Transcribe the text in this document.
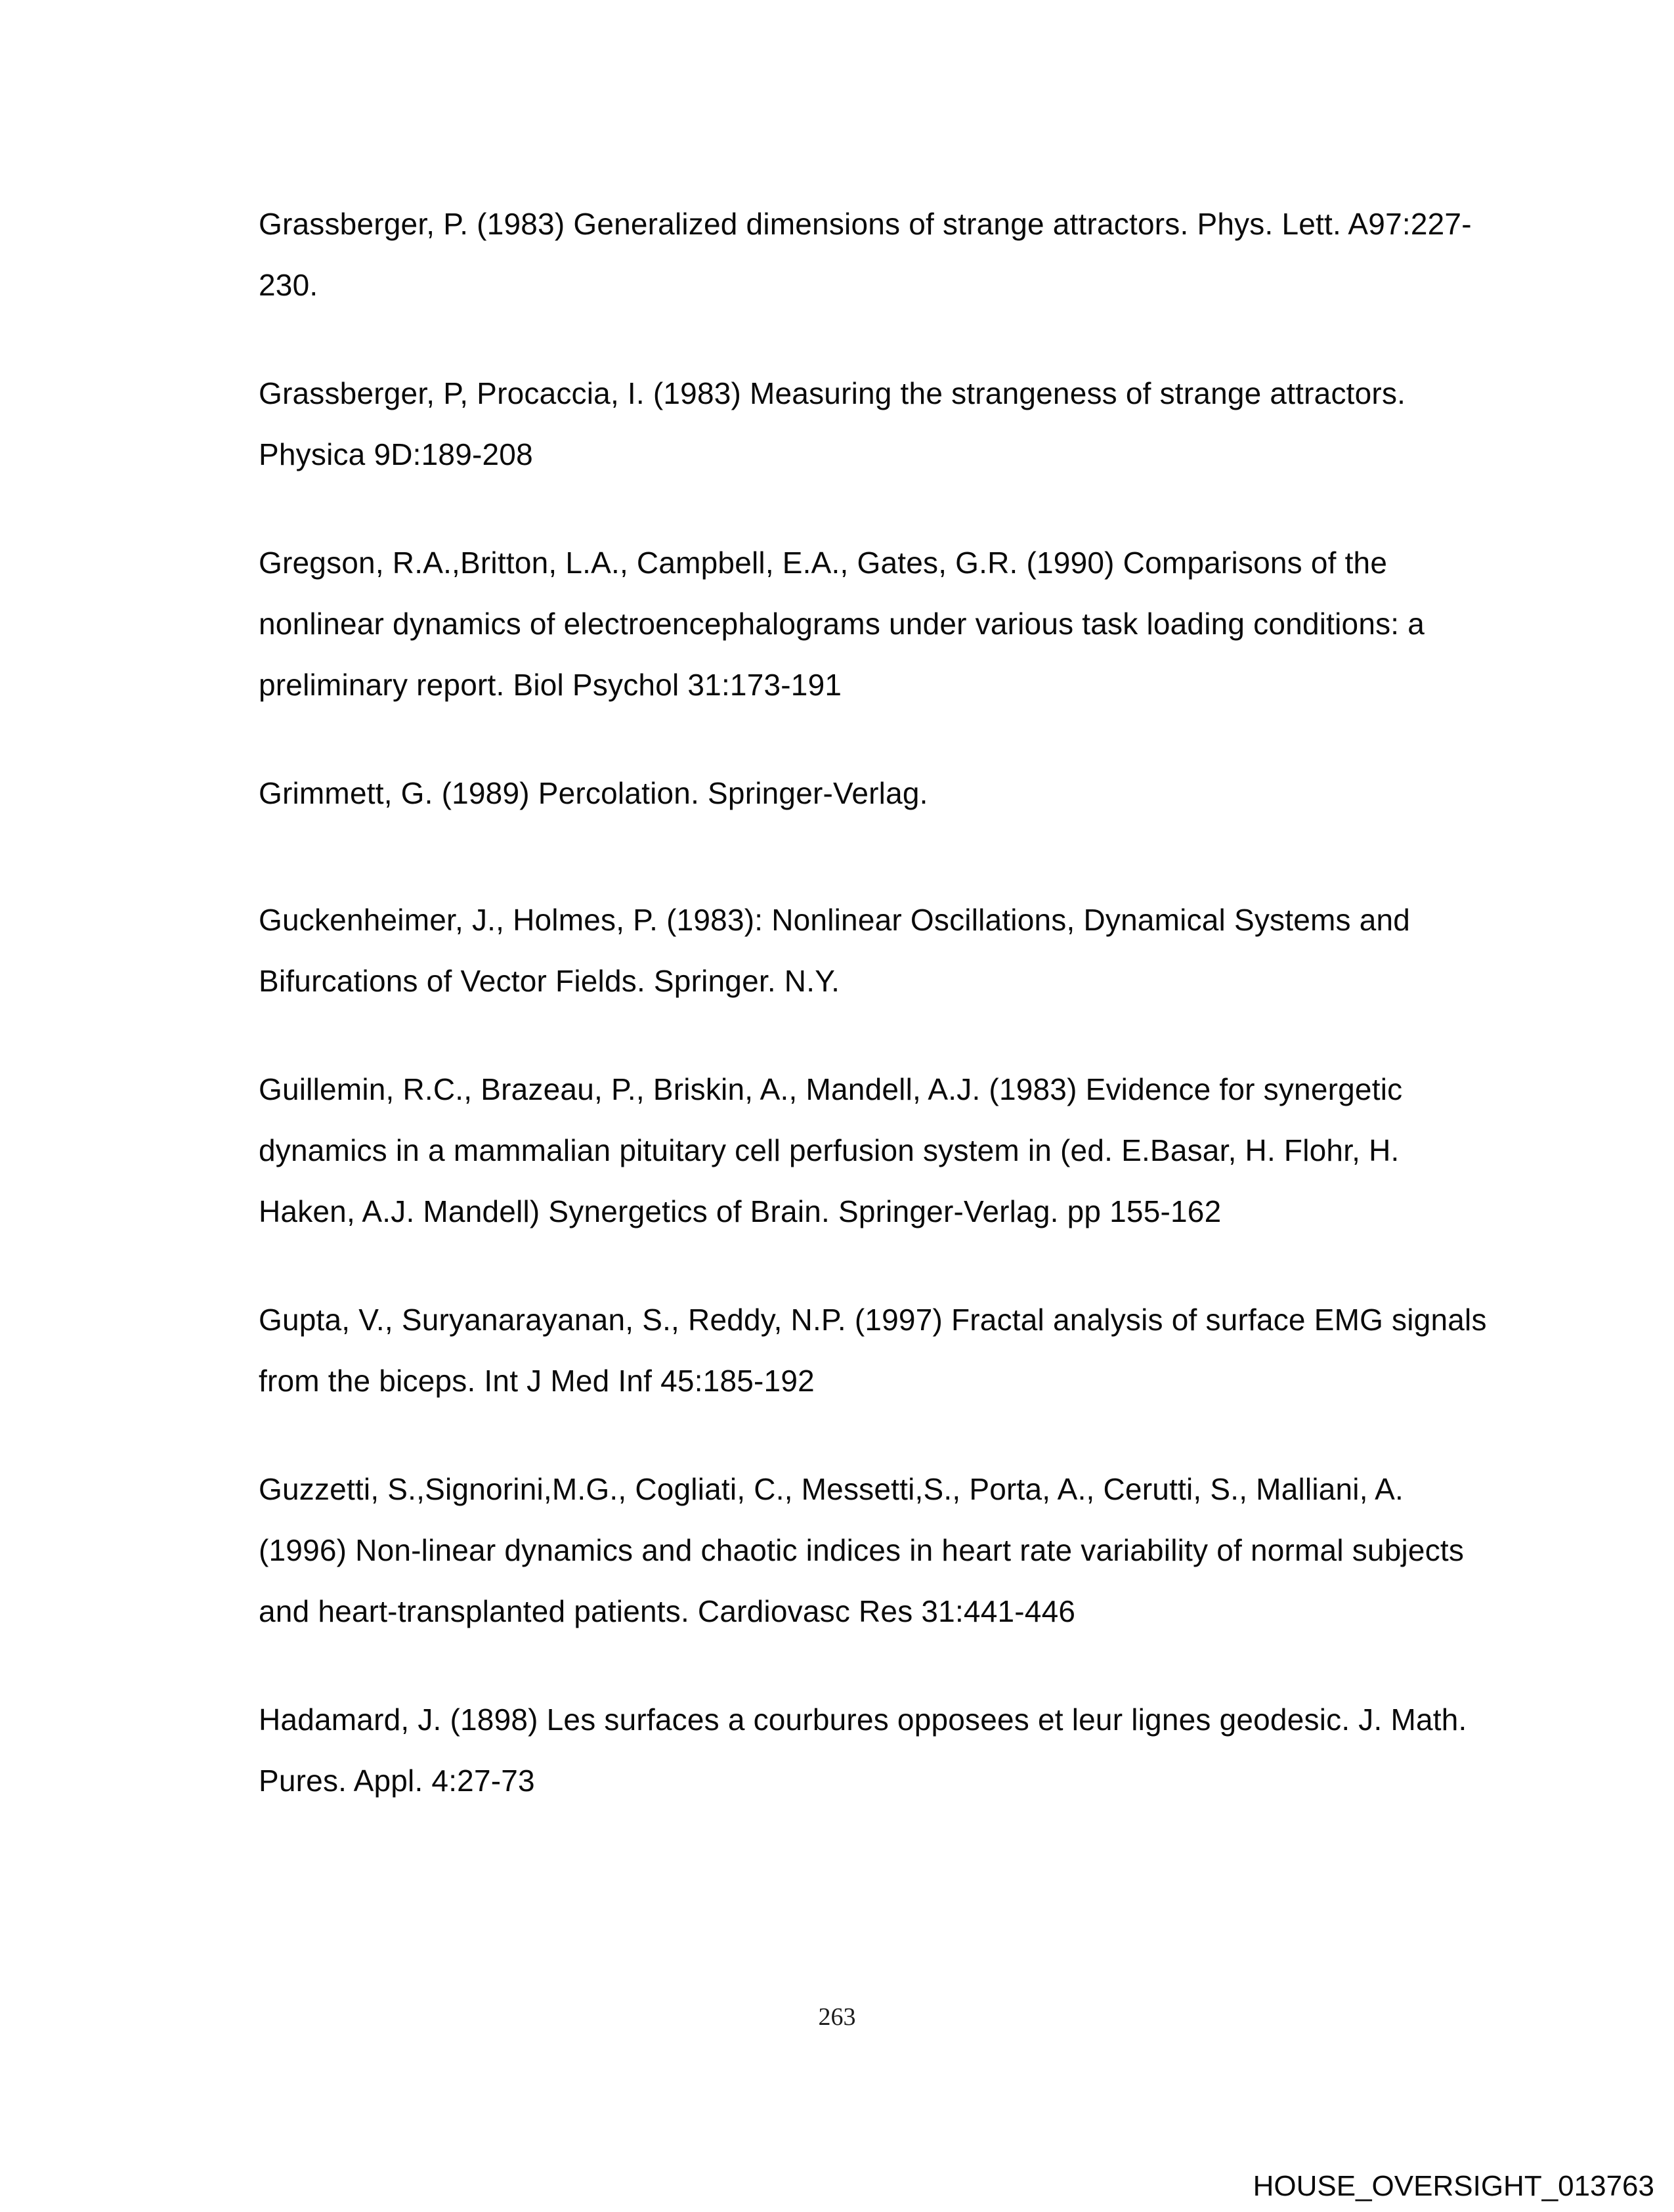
Grassberger, P. (1983) Generalized dimensions of strange attractors. Phys. Lett. A97:227-230.

Grassberger, P, Procaccia, I. (1983) Measuring the strangeness of strange attractors. Physica 9D:189-208

Gregson, R.A.,Britton, L.A., Campbell, E.A., Gates, G.R. (1990) Comparisons of the nonlinear dynamics of electroencephalograms under various task loading conditions: a preliminary report. Biol Psychol 31:173-191

Grimmett, G. (1989) Percolation. Springer-Verlag.

Guckenheimer, J., Holmes, P. (1983): Nonlinear Oscillations, Dynamical Systems and Bifurcations of Vector Fields. Springer. N.Y.

Guillemin, R.C., Brazeau, P., Briskin, A., Mandell, A.J. (1983) Evidence for synergetic dynamics in a mammalian pituitary cell perfusion system in (ed. E.Basar, H. Flohr, H. Haken, A.J. Mandell) Synergetics of Brain. Springer-Verlag. pp 155-162

Gupta, V., Suryanarayanan, S., Reddy, N.P. (1997) Fractal analysis of surface EMG signals from the biceps. Int J Med Inf 45:185-192

Guzzetti, S.,Signorini,M.G., Cogliati, C., Messetti,S., Porta, A., Cerutti, S., Malliani, A. (1996) Non-linear dynamics and chaotic indices in heart rate variability of normal subjects and heart-transplanted patients. Cardiovasc Res 31:441-446

Hadamard, J. (1898) Les surfaces a courbures opposees et leur lignes geodesic. J. Math. Pures. Appl. 4:27-73

263
HOUSE_OVERSIGHT_013763
